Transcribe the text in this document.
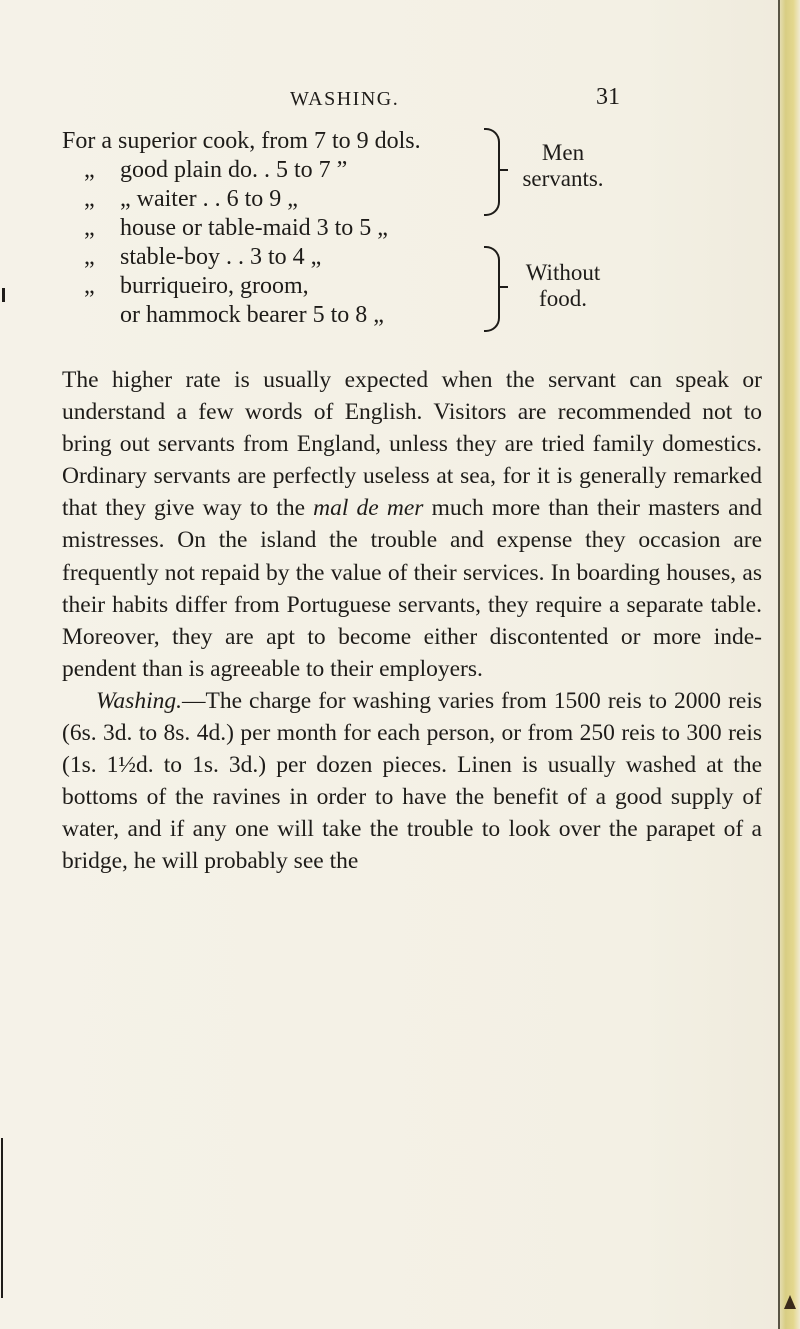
WASHING.	31
For a superior cook, from 7 to 9 dols.
„ good plain do. . 5 to 7 ”
„ „ waiter . . 6 to 9 „
„ house or table-maid 3 to 5 „
„ stable-boy . . 3 to 4 „
„ burriqueiro, groom,
or hammock bearer 5 to 8 „
Men
servants.
Without
food.

The higher rate is usually expected when the servant can speak or understand a few words of English. Visitors are recommended not to bring out servants from England, unless they are tried family domestics. Ordinary servants are perfectly useless at sea, for it is generally remarked that they give way to the mal de mer much more than their masters and mistresses. On the island the trouble and expense they occasion are frequently not repaid by the value of their services. In boarding houses, as their habits differ from Portuguese servants, they require a separate table. Moreover, they are apt to become either discontented or more inde-pendent than is agreeable to their employers.

Washing.—The charge for washing varies from 1500 reis to 2000 reis (6s. 3d. to 8s. 4d.) per month for each person, or from 250 reis to 300 reis (1s. 1½d. to 1s. 3d.) per dozen pieces. Linen is usually washed at the bottoms of the ravines in order to have the benefit of a good supply of water, and if any one will take the trouble to look over the parapet of a bridge, he will probably see the
